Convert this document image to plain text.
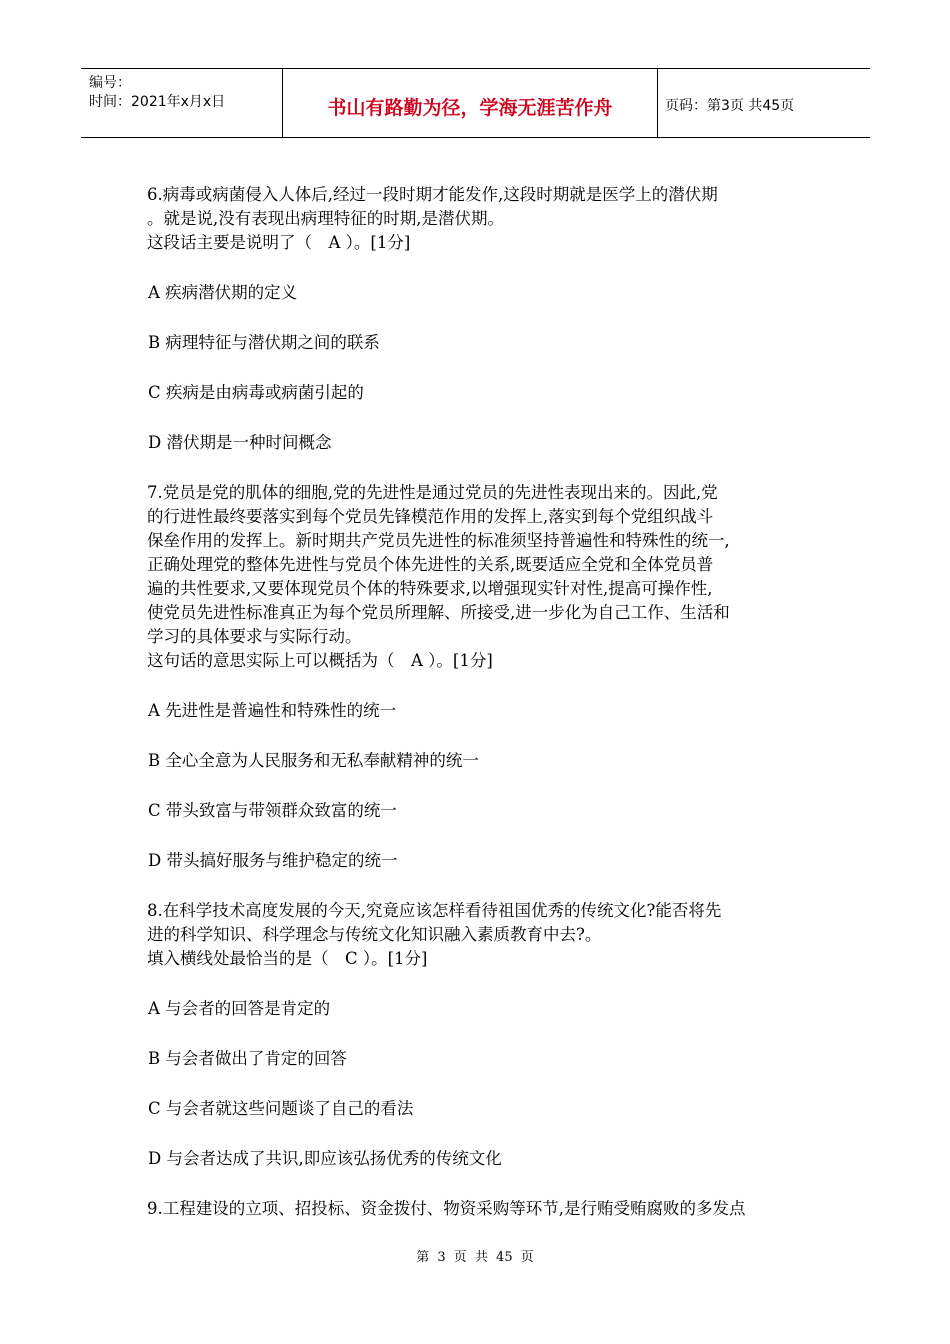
编号：
时间：2021年x月x日	书山有路勤为径，学海无涯苦作舟	页码：第3页 共45页
6.病毒或病菌侵入人体后,经过一段时期才能发作,这段时期就是医学上的潜伏期
。就是说,没有表现出病理特征的时期,是潜伏期。
这段话主要是说明了（　A ）。[1分]
A 疾病潜伏期的定义
B 病理特征与潜伏期之间的联系
C 疾病是由病毒或病菌引起的
D 潜伏期是一种时间概念
7.党员是党的肌体的细胞,党的先进性是通过党员的先进性表现出来的。因此,党
的行进性最终要落实到每个党员先锋模范作用的发挥上,落实到每个党组织战斗
保垒作用的发挥上。新时期共产党员先进性的标准须坚持普遍性和特殊性的统一,
正确处理党的整体先进性与党员个体先进性的关系,既要适应全党和全体党员普
遍的共性要求,又要体现党员个体的特殊要求,以增强现实针对性,提高可操作性,
使党员先进性标准真正为每个党员所理解、所接受,进一步化为自己工作、生活和
学习的具体要求与实际行动。
这句话的意思实际上可以概括为（　A ）。[1分]
A 先进性是普遍性和特殊性的统一
B 全心全意为人民服务和无私奉献精神的统一
C 带头致富与带领群众致富的统一
D 带头搞好服务与维护稳定的统一
8.在科学技术高度发展的今天,究竟应该怎样看待祖国优秀的传统文化?能否将先
进的科学知识、科学理念与传统文化知识融入素质教育中去?。
填入横线处最恰当的是（　C ）。[1分]
A 与会者的回答是肯定的
B 与会者做出了肯定的回答
C 与会者就这些问题谈了自己的看法
D 与会者达成了共识,即应该弘扬优秀的传统文化
9.工程建设的立项、招投标、资金拨付、物资采购等环节,是行贿受贿腐败的多发点
第 3 页 共 45 页
